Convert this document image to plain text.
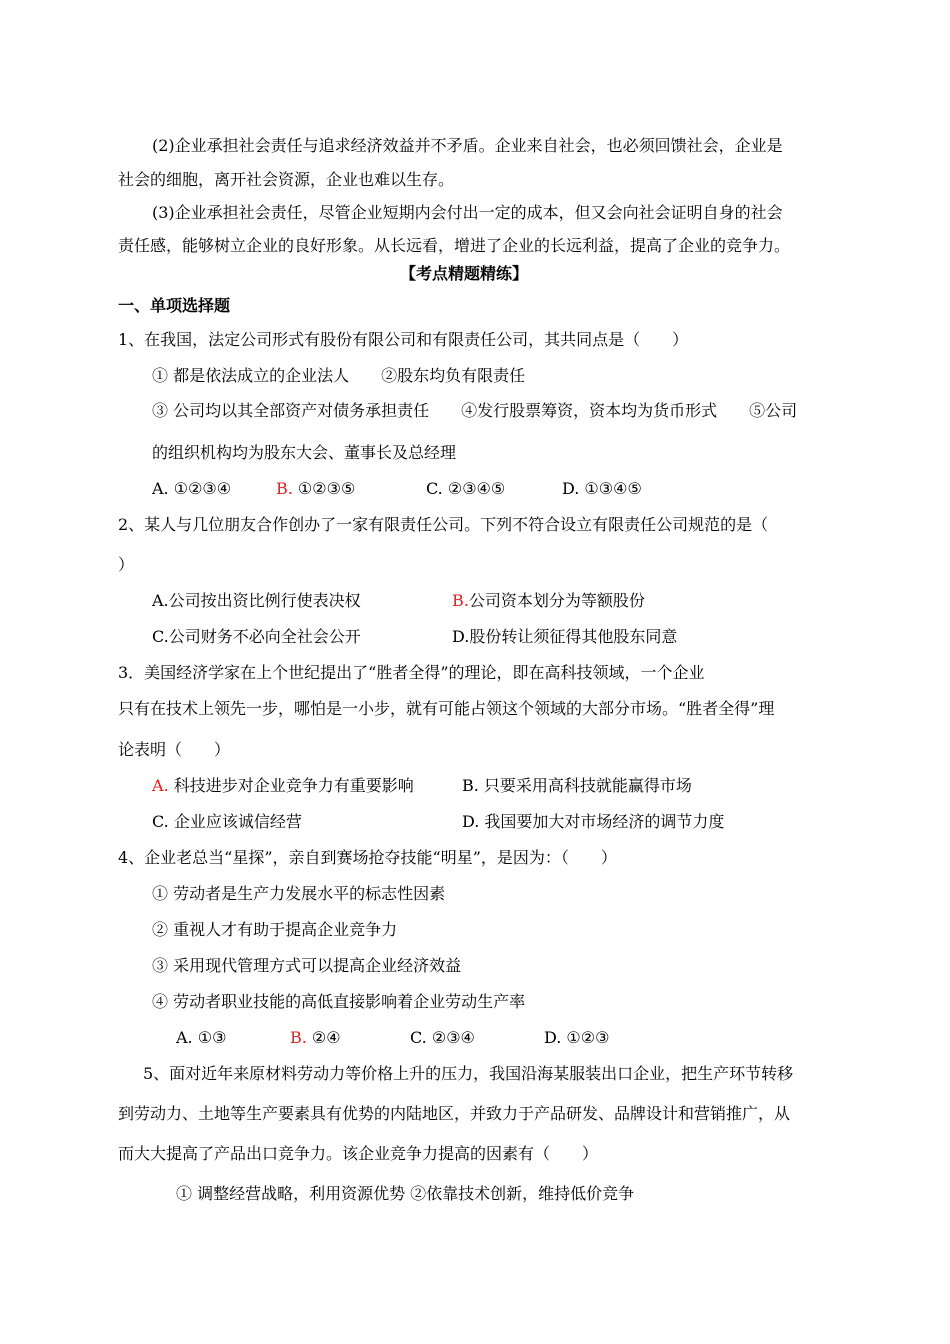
(2)企业承担社会责任与追求经济效益并不矛盾。企业来自社会，也必须回馈社会，企业是
社会的细胞，离开社会资源，企业也难以生存。
(3)企业承担社会责任，尽管企业短期内会付出一定的成本，但又会向社会证明自身的社会
责任感，能够树立企业的良好形象。从长远看，增进了企业的长远利益，提高了企业的竞争力。
【考点精题精练】
一、单项选择题
1、在我国，法定公司形式有股份有限公司和有限责任公司，其共同点是（　　）
① 都是依法成立的企业法人　　②股东均负有限责任
③ 公司均以其全部资产对债务承担责任　　④发行股票筹资，资本均为货币形式　　⑤公司
的组织机构均为股东大会、董事长及总经理
A. ①②③④	B. ①②③⑤	C. ②③④⑤	D. ①③④⑤
2、某人与几位朋友合作创办了一家有限责任公司。下列不符合设立有限责任公司规范的是（
）
A.公司按出资比例行使表决权	B.公司资本划分为等额股份
C.公司财务不必向全社会公开	D.股份转让须征得其他股东同意
3．美国经济学家在上个世纪提出了“胜者全得”的理论，即在高科技领域，一个企业
只有在技术上领先一步，哪怕是一小步，就有可能占领这个领域的大部分市场。“胜者全得”理
论表明（　　）
A. 科技进步对企业竞争力有重要影响	B. 只要采用高科技就能赢得市场
C. 企业应该诚信经营	D. 我国要加大对市场经济的调节力度
4、企业老总当“星探”，亲自到赛场抢夺技能“明星”，是因为：（　　）
① 劳动者是生产力发展水平的标志性因素
② 重视人才有助于提高企业竞争力
③ 采用现代管理方式可以提高企业经济效益
④ 劳动者职业技能的高低直接影响着企业劳动生产率
A. ①③	B. ②④	C. ②③④	D. ①②③
5、面对近年来原材料劳动力等价格上升的压力，我国沿海某服装出口企业，把生产环节转移
到劳动力、土地等生产要素具有优势的内陆地区，并致力于产品研发、品牌设计和营销推广，从
而大大提高了产品出口竞争力。该企业竞争力提高的因素有（　　）
① 调整经营战略，利用资源优势 ②依靠技术创新，维持低价竞争
